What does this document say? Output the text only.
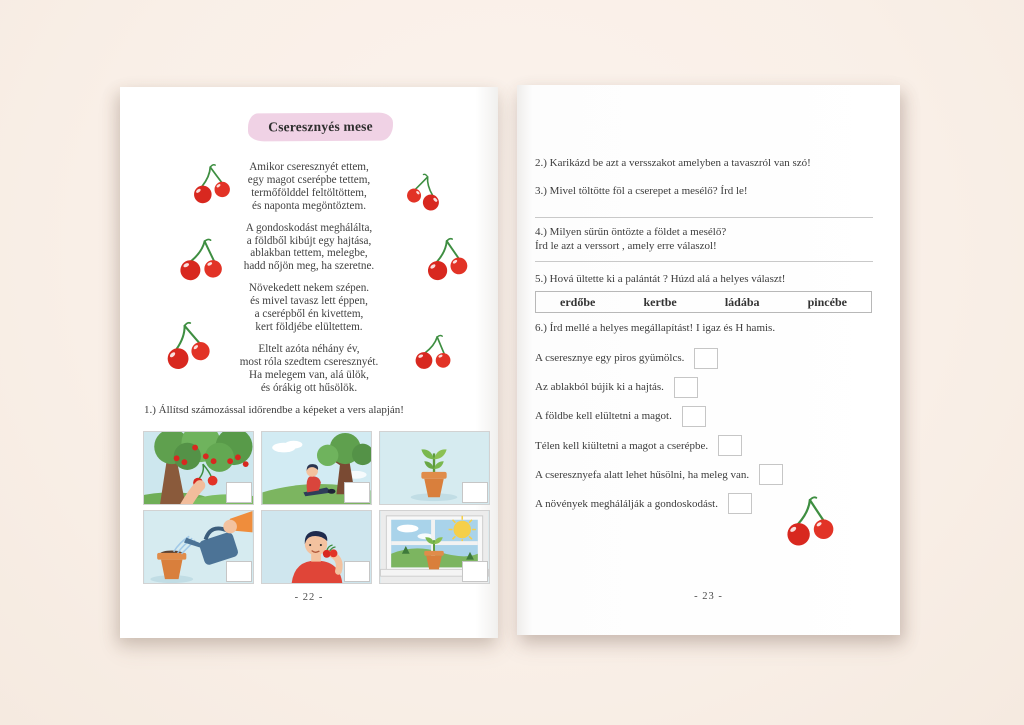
Cseresznyés mese

Amikor cseresznyét ettem,
egy magot cserépbe tettem,
termőfölddel feltöltöttem,
és naponta megöntöztem.

A gondoskodást meghálálta,
a földből kibújt egy hajtása,
ablakban tettem, melegbe,
hadd nőjön meg, ha szeretne.

Növekedett nekem szépen.
és mivel tavasz lett éppen,
a cserépből én kivettem,
kert földjébe elültettem.

Eltelt azóta néhány év,
most róla szedtem cseresznyét.
Ha melegem van, alá ülök,
és órákig ott hűsölök.

1.) Állítsd számozással időrendbe a képeket a vers alapján!
- 22 -
2.) Karikázd be azt a versszakot amelyben a tavaszról van szó!
3.) Mivel töltötte föl a cserepet a mesélő? Írd le!
4.) Milyen sűrűn öntözte a földet a mesélő?
Írd le azt a verssort , amely erre válaszol!
5.) Hová ültette ki a palántát ? Húzd alá a helyes választ!
erdőbe	kertbe	ládába	pincébe
6.) Írd mellé a helyes megállapítást! I igaz és H hamis.
A cseresznye egy piros gyümölcs.
Az ablakból bújik ki a hajtás.
A földbe kell elültetni a magot.
Télen kell kiültetni a magot a cserépbe.
A cseresznyefa alatt lehet hűsölni, ha meleg van.
A növények meghálálják a gondoskodást.
- 23 -
